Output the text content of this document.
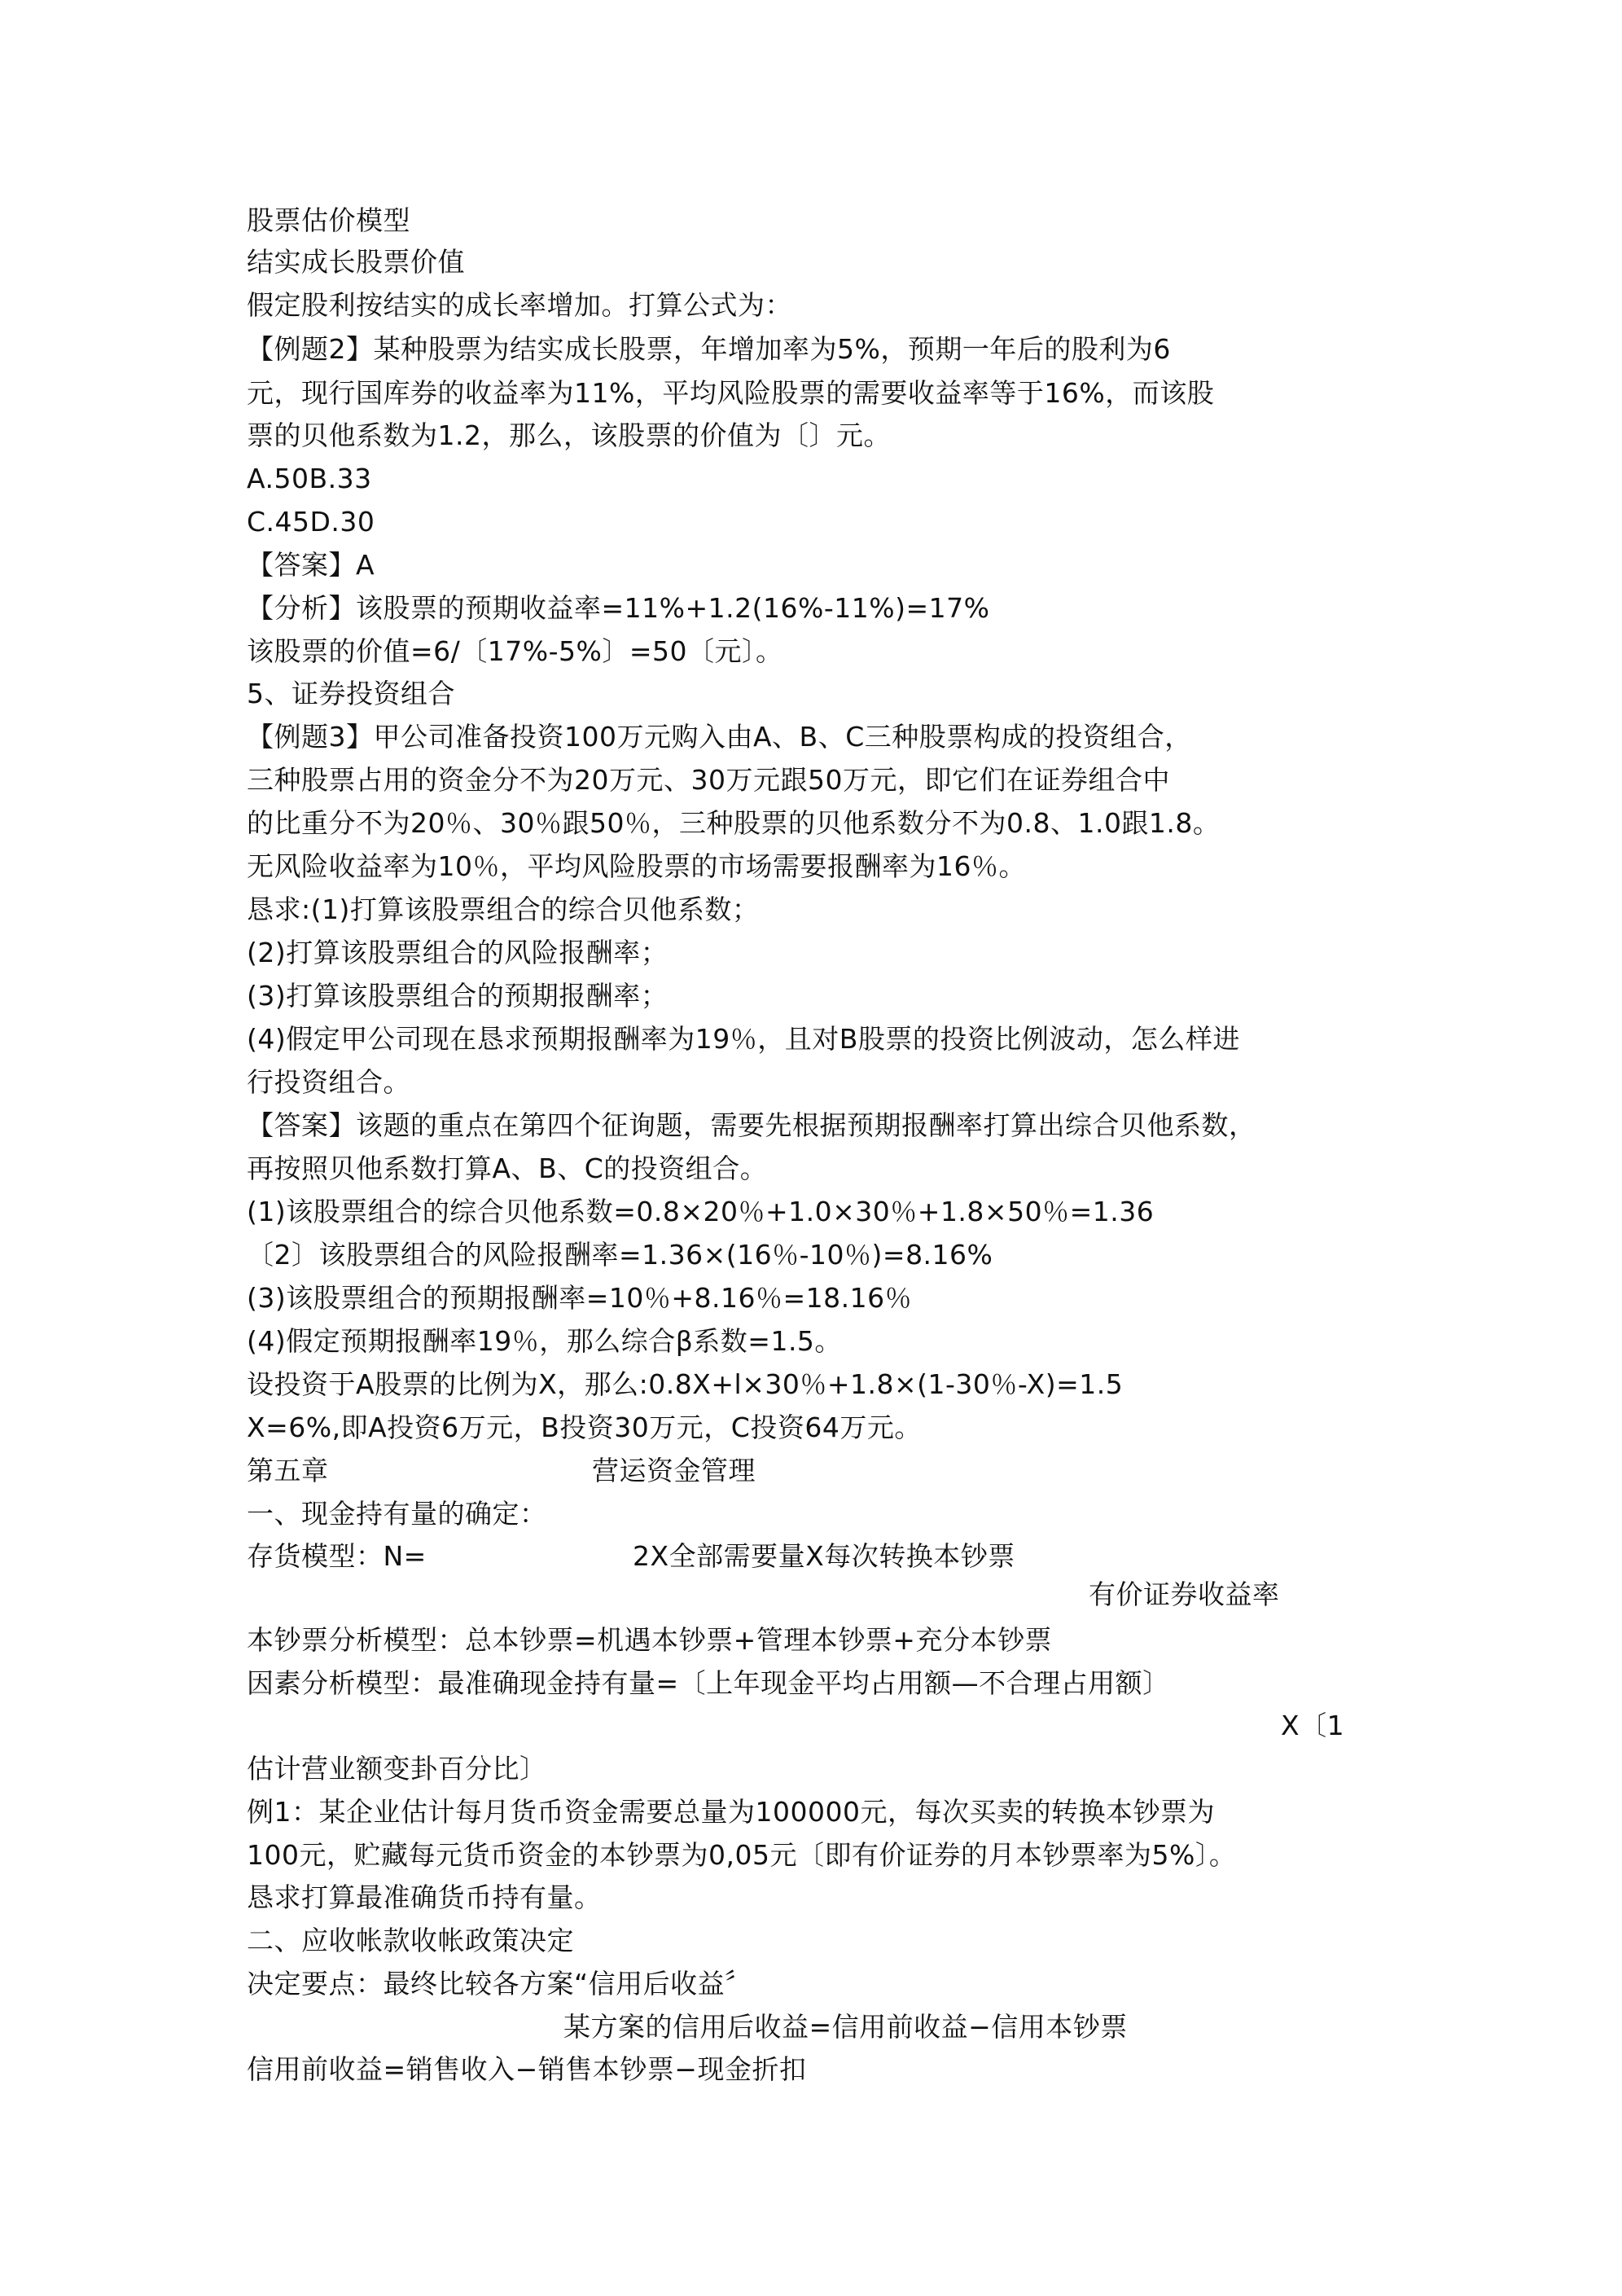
股票估价模型
结实成长股票价值
假定股利按结实的成长率增加。打算公式为：
【例题2】某种股票为结实成长股票，年增加率为5%，预期一年后的股利为6
元，现行国库券的收益率为11%，平均风险股票的需要收益率等于16%，而该股
票的贝他系数为1.2，那么，该股票的价值为〔〕元。
A.50B.33
C.45D.30
【答案】A
【分析】该股票的预期收益率=11%+1.2(16%-11%)=17%
该股票的价值=6/〔17%-5%〕=50〔元〕。
5、证券投资组合
【例题3】甲公司准备投资100万元购入由A、B、C三种股票构成的投资组合，
三种股票占用的资金分不为20万元、30万元跟50万元，即它们在证券组合中
的比重分不为20％、30％跟50％，三种股票的贝他系数分不为0.8、1.0跟1.8。
无风险收益率为10％，平均风险股票的市场需要报酬率为16％。
恳求:(1)打算该股票组合的综合贝他系数；
(2)打算该股票组合的风险报酬率；
(3)打算该股票组合的预期报酬率；
(4)假定甲公司现在恳求预期报酬率为19％，且对B股票的投资比例波动，怎么样进
行投资组合。
【答案】该题的重点在第四个征询题，需要先根据预期报酬率打算出综合贝他系数，
再按照贝他系数打算A、B、C的投资组合。
(1)该股票组合的综合贝他系数=0.8×20％+1.0×30％+1.8×50％=1.36
〔2〕该股票组合的风险报酬率=1.36×(16％-10％)=8.16%
(3)该股票组合的预期报酬率=10％+8.16％=18.16％
(4)假定预期报酬率19％，那么综合β系数=1.5。
设投资于A股票的比例为X，那么:0.8X+l×30％+1.8×(1-30％-X)=1.5
X=6%,即A投资6万元，B投资30万元，C投资64万元。
第五章	营运资金管理
一、现金持有量的确定：
存货模型：N=	2X全部需要量X每次转换本钞票
有价证券收益率
本钞票分析模型：总本钞票=机遇本钞票+管理本钞票+充分本钞票
因素分析模型：最准确现金持有量=〔上年现金平均占用额—不合理占用额〕
X〔1
估计营业额变卦百分比〕
例1：某企业估计每月货币资金需要总量为100000元，每次买卖的转换本钞票为
100元，贮藏每元货币资金的本钞票为0,05元〔即有价证券的月本钞票率为5%〕。
恳求打算最准确货币持有量。
二、应收帐款收帐政策决定
决定要点：最终比较各方案“信用后收益〞
某方案的信用后收益=信用前收益−信用本钞票
信用前收益=销售收入−销售本钞票−现金折扣
